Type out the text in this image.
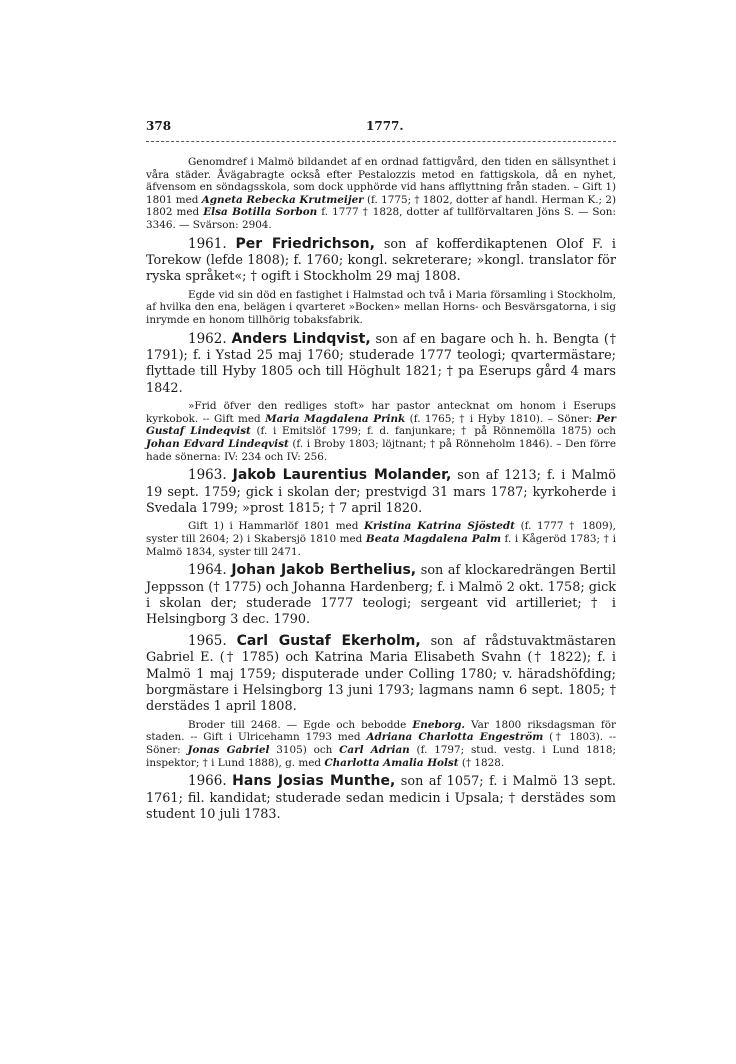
378	1777.

Genomdref i Malmö bildandet af en ordnad fattigvård, den tiden en sällsynthet i våra städer. Åvägabragte också efter Pestalozzis metod en fattigskola, då en nyhet, äfvensom en söndagsskola, som dock upphörde vid hans afflyttning från staden. – Gift 1) 1801 med Agneta Rebecka Krutmeijer (f. 1775; † 1802, dotter af handl. Herman K.; 2) 1802 med Elsa Botilla Sorbon f. 1777 † 1828, dotter af tullförvaltaren Jöns S. — Son: 3346. — Svärson: 2904.

1961. Per Friedrichson, son af kofferdikaptenen Olof F. i Torekow (lefde 1808); f. 1760; kongl. sekreterare; »kongl. translator för ryska språket«; † ogift i Stockholm 29 maj 1808.

Egde vid sin död en fastighet i Halmstad och två i Maria församling i Stockholm, af hvilka den ena, belägen i qvarteret »Bocken» mellan Horns- och Besvärsgatorna, i sig inrymde en honom tillhörig tobaksfabrik.

1962. Anders Lindqvist, son af en bagare och h. h. Bengta († 1791); f. i Ystad 25 maj 1760; studerade 1777 teologi; qvartermästare; flyttade till Hyby 1805 och till Höghult 1821; † pa Eserups gård 4 mars 1842.

»Frid öfver den redliges stoft» har pastor antecknat om honom i Eserups kyrkobok. -- Gift med Maria Magdalena Prink (f. 1765; † i Hyby 1810). – Söner: Per Gustaf Lindeqvist (f. i Emitslöf 1799; f. d. fanjunkare; † på Rönnemölla 1875) och Johan Edvard Lindeqvist (f. i Broby 1803; löjtnant; † på Rönneholm 1846). – Den förre hade sönerna: IV: 234 och IV: 256.

1963. Jakob Laurentius Molander, son af 1213; f. i Malmö 19 sept. 1759; gick i skolan der; prestvigd 31 mars 1787; kyrkoherde i Svedala 1799; »prost 1815; † 7 april 1820.

Gift 1) i Hammarlöf 1801 med Kristina Katrina Sjöstedt (f. 1777 † 1809), syster till 2604; 2) i Skabersjö 1810 med Beata Magdalena Palm f. i Kågeröd 1783; † i Malmö 1834, syster till 2471.

1964. Johan Jakob Berthelius, son af klockaredrängen Bertil Jeppsson († 1775) och Johanna Hardenberg; f. i Malmö 2 okt. 1758; gick i skolan der; studerade 1777 teologi; sergeant vid artilleriet; † i Helsingborg 3 dec. 1790.

1965. Carl Gustaf Ekerholm, son af rådstuvaktmästaren Gabriel E. († 1785) och Katrina Maria Elisabeth Svahn († 1822); f. i Malmö 1 maj 1759; disputerade under Colling 1780; v. häradshöfding; borgmästare i Helsingborg 13 juni 1793; lagmans namn 6 sept. 1805; † derstädes 1 april 1808.

Broder till 2468. — Egde och bebodde Eneborg. Var 1800 riksdagsman för staden. -- Gift i Ulricehamn 1793 med Adriana Charlotta Engeström († 1803). -- Söner: Jonas Gabriel 3105) och Carl Adrian (f. 1797; stud. vestg. i Lund 1818; inspektor; † i Lund 1888), g. med Charlotta Amalia Holst († 1828.

1966. Hans Josias Munthe, son af 1057; f. i Malmö 13 sept. 1761; fil. kandidat; studerade sedan medicin i Upsala; † derstädes som student 10 juli 1783.
